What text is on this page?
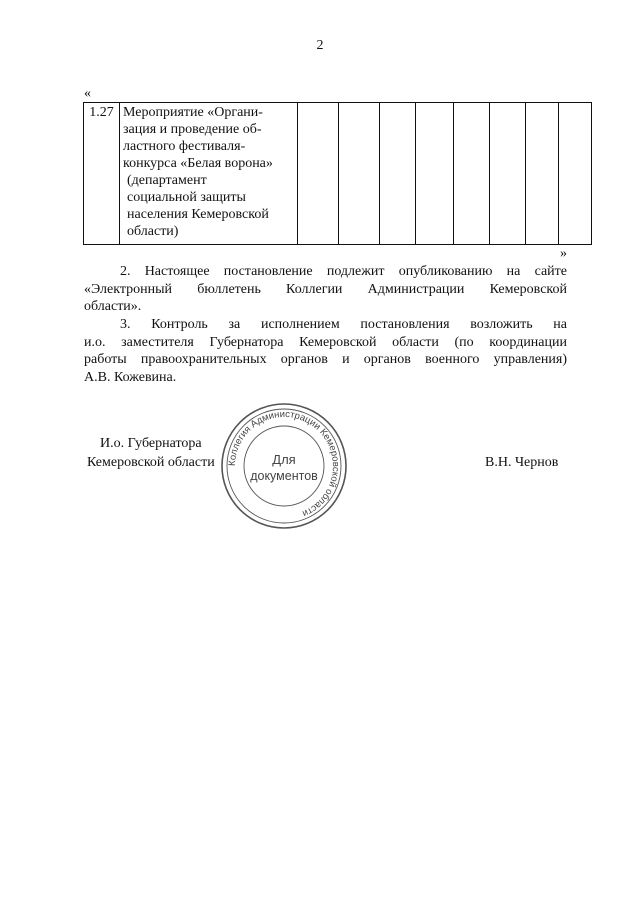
2
«
1.27	Мероприятие «Органи-
зация и проведение об-
ластного фестиваля-
конкурса «Белая ворона»
(департамент
социальной защиты
населения Кемеровской
области)

»
2. Настоящее постановление подлежит опубликованию на сайте
«Электронный бюллетень Коллегии Администрации Кемеровской
области».
3. Контроль за исполнением постановления возложить на
и.о. заместителя Губернатора Кемеровской области (по координации
работы правоохранительных органов и органов военного управления)
А.В. Кожевина.
Коллегия Администрации Кемеровской области
Для
документов
И.о. Губернатора
Кемеровской области	В.Н. Чернов
